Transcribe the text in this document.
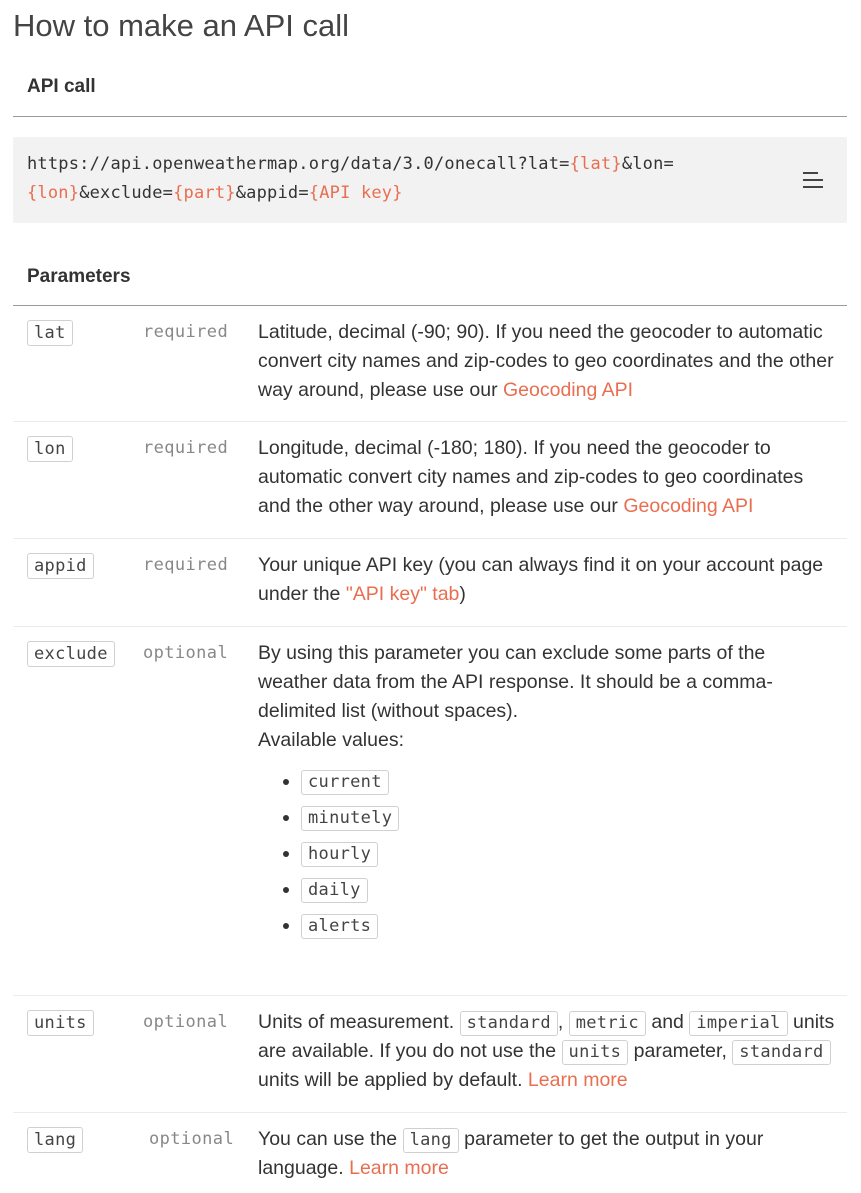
How to make an API call
API call
https://api.openweathermap.org/data/3.0/onecall?lat={lat}&lon=
{lon}&exclude={part}&appid={API key}
Parameters
lat	required Latitude, decimal (-90; 90). If you need the geocoder to automatic convert city names and zip-codes to geo coordinates and the other way around, please use our Geocoding API
lon	required Longitude, decimal (-180; 180). If you need the geocoder to automatic convert city names and zip-codes to geo coordinates and the other way around, please use our Geocoding API
appid	required Your unique API key (you can always find it on your account page under the "API key" tab)
exclude	optional By using this parameter you can exclude some parts of the weather data from the API response. It should be a comma-delimited list (without spaces).
Available values:
• current
• minutely
• hourly
• daily
• alerts
units	optional Units of measurement. standard , metric and imperial units are available. If you do not use the units parameter, standard units will be applied by default. Learn more
lang	optional You can use the lang parameter to get the output in your language. Learn more
